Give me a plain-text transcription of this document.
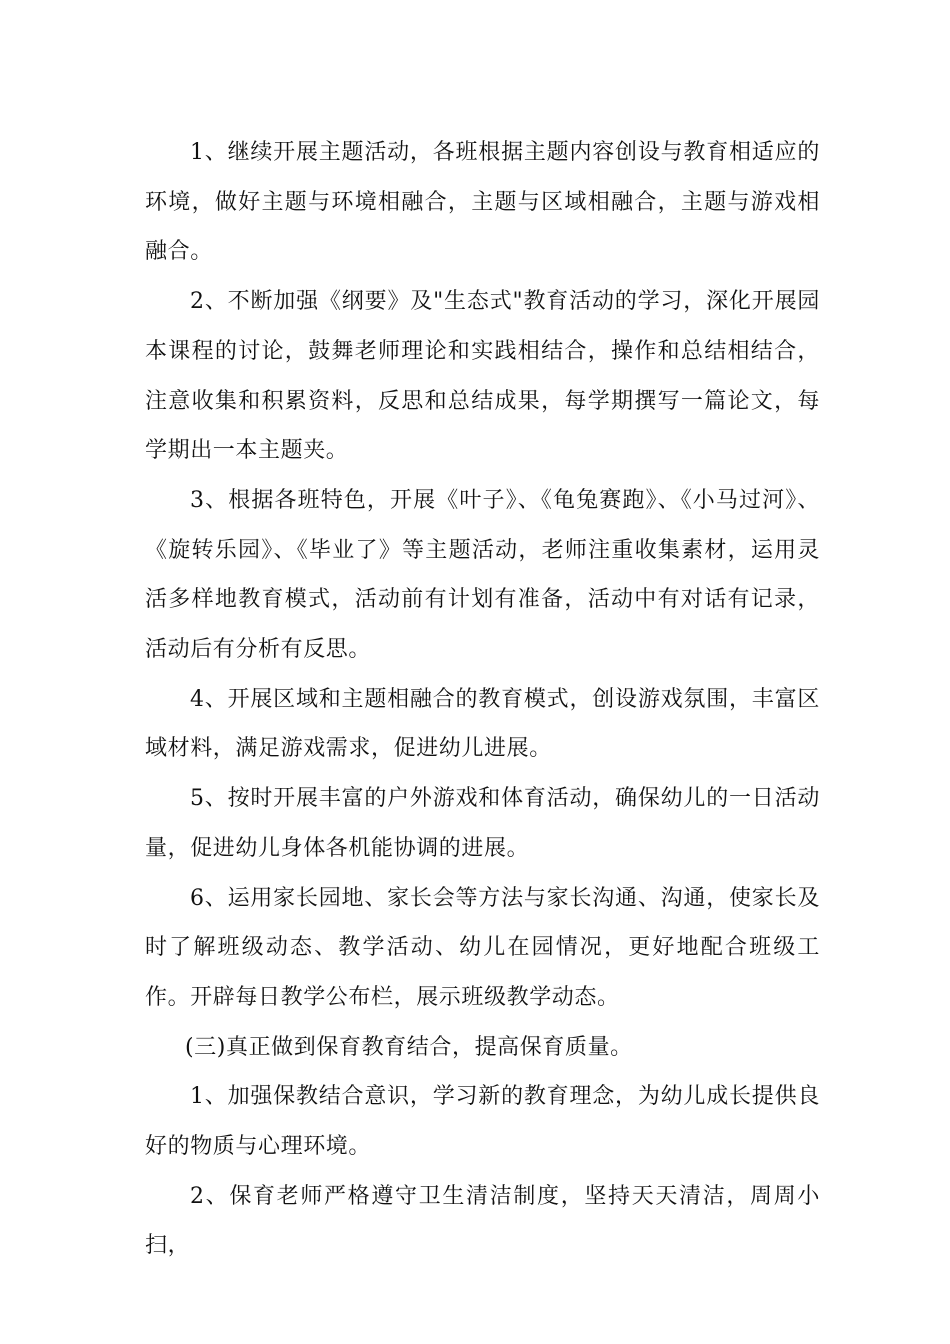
1、继续开展主题活动，各班根据主题内容创设与教育相适应的环境，做好主题与环境相融合，主题与区域相融合，主题与游戏相融合。

2、不断加强《纲要》及"生态式"教育活动的学习，深化开展园本课程的讨论，鼓舞老师理论和实践相结合，操作和总结相结合，注意收集和积累资料，反思和总结成果，每学期撰写一篇论文，每学期出一本主题夹。

3、根据各班特色，开展《叶子》、《龟兔赛跑》、《小马过河》、《旋转乐园》、《毕业了》等主题活动，老师注重收集素材，运用灵活多样地教育模式，活动前有计划有准备，活动中有对话有记录，活动后有分析有反思。

4、开展区域和主题相融合的教育模式，创设游戏氛围，丰富区域材料，满足游戏需求，促进幼儿进展。

5、按时开展丰富的户外游戏和体育活动，确保幼儿的一日活动量，促进幼儿身体各机能协调的进展。

6、运用家长园地、家长会等方法与家长沟通、沟通，使家长及时了解班级动态、教学活动、幼儿在园情况，更好地配合班级工作。开辟每日教学公布栏，展示班级教学动态。

(三)真正做到保育教育结合，提高保育质量。

1、加强保教结合意识，学习新的教育理念，为幼儿成长提供良好的物质与心理环境。

2、保育老师严格遵守卫生清洁制度，坚持天天清洁，周周小扫，
